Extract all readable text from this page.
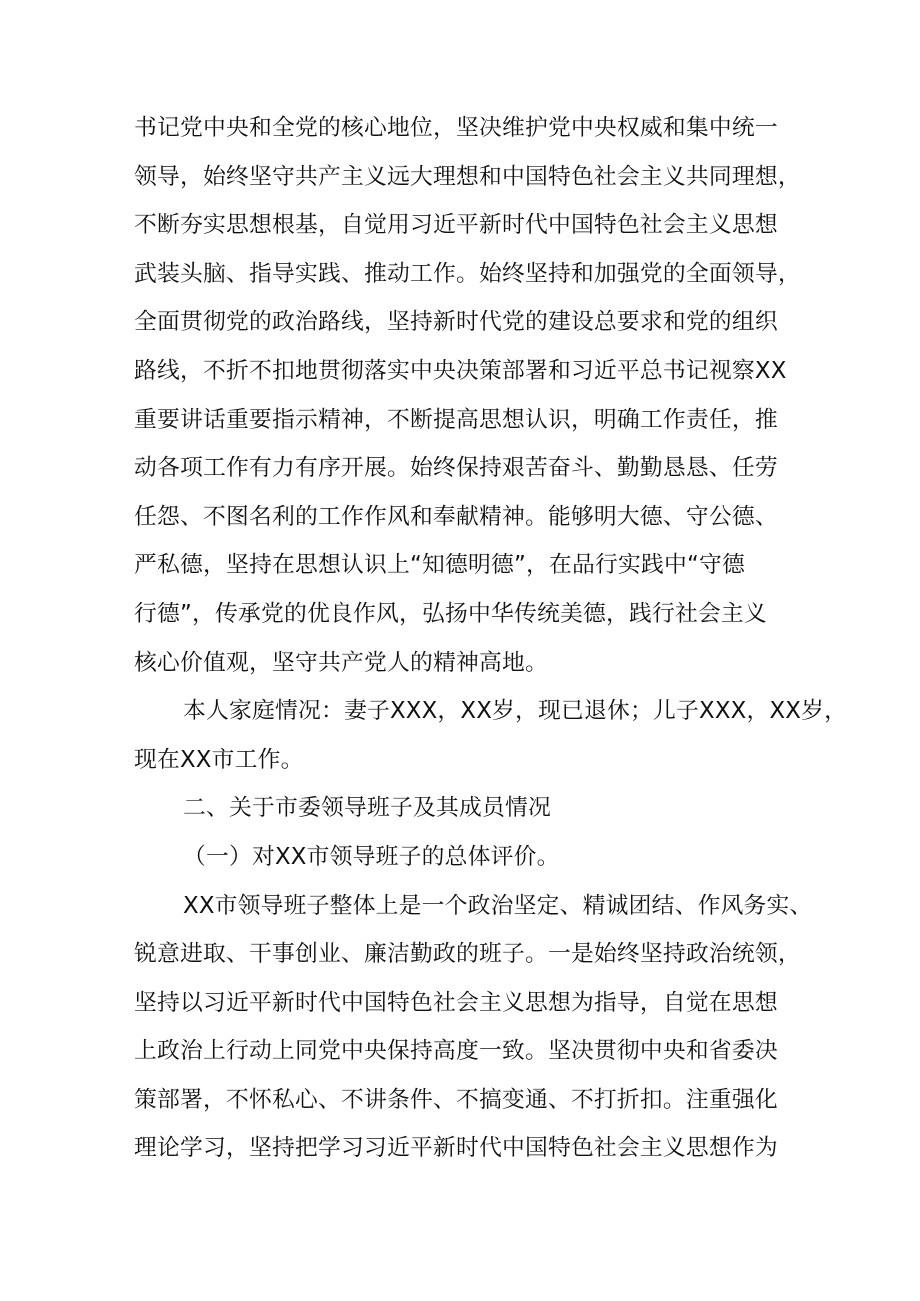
书记党中央和全党的核心地位，坚决维护党中央权威和集中统一
领导，始终坚守共产主义远大理想和中国特色社会主义共同理想，
不断夯实思想根基，自觉用习近平新时代中国特色社会主义思想
武装头脑、指导实践、推动工作。始终坚持和加强党的全面领导，
全面贯彻党的政治路线，坚持新时代党的建设总要求和党的组织
路线，不折不扣地贯彻落实中央决策部署和习近平总书记视察XX
重要讲话重要指示精神，不断提高思想认识，明确工作责任，推
动各项工作有力有序开展。始终保持艰苦奋斗、勤勤恳恳、任劳
任怨、不图名利的工作作风和奉献精神。能够明大德、守公德、
严私德，坚持在思想认识上“知德明德”，在品行实践中“守德
行德”，传承党的优良作风，弘扬中华传统美德，践行社会主义
核心价值观，坚守共产党人的精神高地。
本人家庭情况：妻子XXX，XX岁，现已退休；儿子XXX，XX岁，
现在XX市工作。
二、关于市委领导班子及其成员情况
（一）对XX市领导班子的总体评价。
XX市领导班子整体上是一个政治坚定、精诚团结、作风务实、
锐意进取、干事创业、廉洁勤政的班子。一是始终坚持政治统领，
坚持以习近平新时代中国特色社会主义思想为指导，自觉在思想
上政治上行动上同党中央保持高度一致。坚决贯彻中央和省委决
策部署，不怀私心、不讲条件、不搞变通、不打折扣。注重强化
理论学习，坚持把学习习近平新时代中国特色社会主义思想作为
